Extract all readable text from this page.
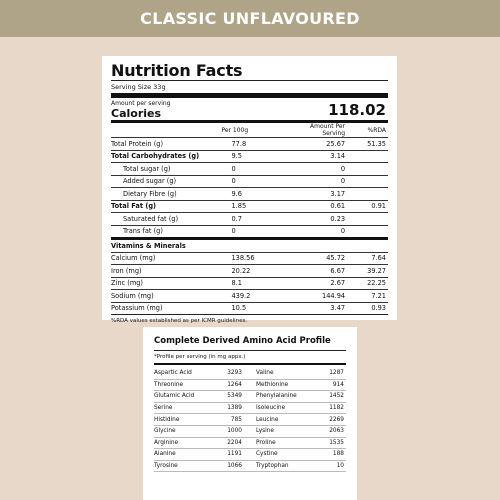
CLASSIC UNFLAVOURED
Nutrition Facts
Serving Size 33g
Amount per serving
Calories	118.02
	Per 100g	Amount Per Serving	%RDA
Total Protein (g)	77.8	25.67	51.35
Total Carbohydrates (g)	9.5	3.14	
Total sugar (g)	0	0	
Added sugar (g)	0	0	
Dietary Fibre (g)	9.6	3.17	
Total Fat (g)	1.85	0.61	0.91
Saturated fat (g)	0.7	0.23	
Trans fat (g)	0	0	
Vitamins & Minerals			
Calcium (mg)	138.56	45.72	7.64
Iron (mg)	20.22	6.67	39.27
Zinc (mg)	8.1	2.67	22.25
Sodium (mg)	439.2	144.94	7.21
Potassium (mg)	10.5	3.47	0.93
%RDA values established as per ICMR guidelines.
Complete Derived Amino Acid Profile
*Profile per serving (in mg appx.)
Aspartic Acid	3293	Valine	1287
Threonine	1264	Methionine	914
Glutamic Acid	5349	Phenylalanine	1452
Serine	1389	Isoleucine	1182
Histidine	785	Leucine	2269
Glycine	1000	Lysine	2063
Arginine	2204	Proline	1535
Alanine	1191	Cystine	188
Tyrosine	1066	Tryptophan	10
